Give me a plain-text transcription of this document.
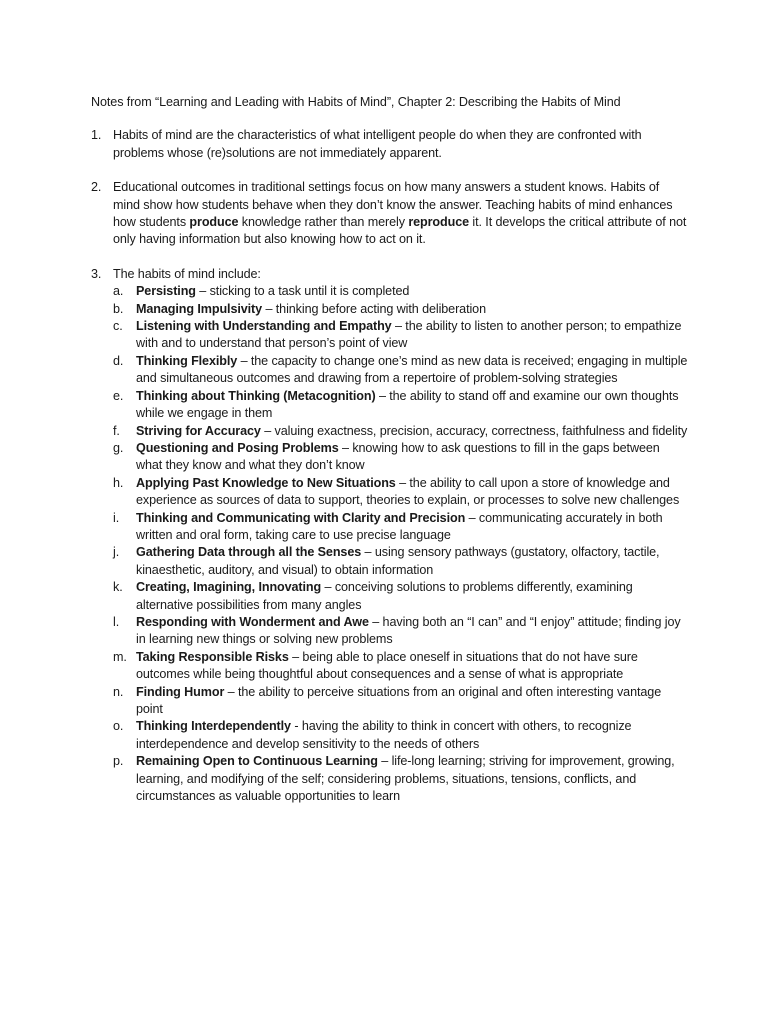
Notes from “Learning and Leading with Habits of Mind”, Chapter 2: Describing the Habits of Mind

1. Habits of mind are the characteristics of what intelligent people do when they are confronted with problems whose (re)solutions are not immediately apparent.
2. Educational outcomes in traditional settings focus on how many answers a student knows. Habits of mind show how students behave when they don’t know the answer. Teaching habits of mind enhances how students produce knowledge rather than merely reproduce it. It develops the critical attribute of not only having information but also knowing how to act on it.
3. The habits of mind include:
a.	Persisting – sticking to a task until it is completed
b.	Managing Impulsivity – thinking before acting with deliberation
c.	Listening with Understanding and Empathy – the ability to listen to another person; to empathize with and to understand that person’s point of view
d.	Thinking Flexibly – the capacity to change one’s mind as new data is received; engaging in multiple and simultaneous outcomes and drawing from a repertoire of problem-solving strategies
e.	Thinking about Thinking (Metacognition) – the ability to stand off and examine our own thoughts while we engage in them
f.	Striving for Accuracy – valuing exactness, precision, accuracy, correctness, faithfulness and fidelity
g.	Questioning and Posing Problems – knowing how to ask questions to fill in the gaps between what they know and what they don’t know
h.	Applying Past Knowledge to New Situations – the ability to call upon a store of knowledge and experience as sources of data to support, theories to explain, or processes to solve new challenges
i.	Thinking and Communicating with Clarity and Precision – communicating accurately in both written and oral form, taking care to use precise language
j.	Gathering Data through all the Senses – using sensory pathways (gustatory, olfactory, tactile, kinaesthetic, auditory, and visual) to obtain information
k.	Creating, Imagining, Innovating – conceiving solutions to problems differently, examining alternative possibilities from many angles
l.	Responding with Wonderment and Awe – having both an “I can” and “I enjoy” attitude; finding joy in learning new things or solving new problems
m. Taking Responsible Risks – being able to place oneself in situations that do not have sure outcomes while being thoughtful about consequences and a sense of what is appropriate
n.	Finding Humor – the ability to perceive situations from an original and often interesting vantage point
o.	Thinking Interdependently - having the ability to think in concert with others, to recognize interdependence and develop sensitivity to the needs of others
p.	Remaining Open to Continuous Learning – life-long learning; striving for improvement, growing, learning, and modifying of the self; considering problems, situations, tensions, conflicts, and circumstances as valuable opportunities to learn
